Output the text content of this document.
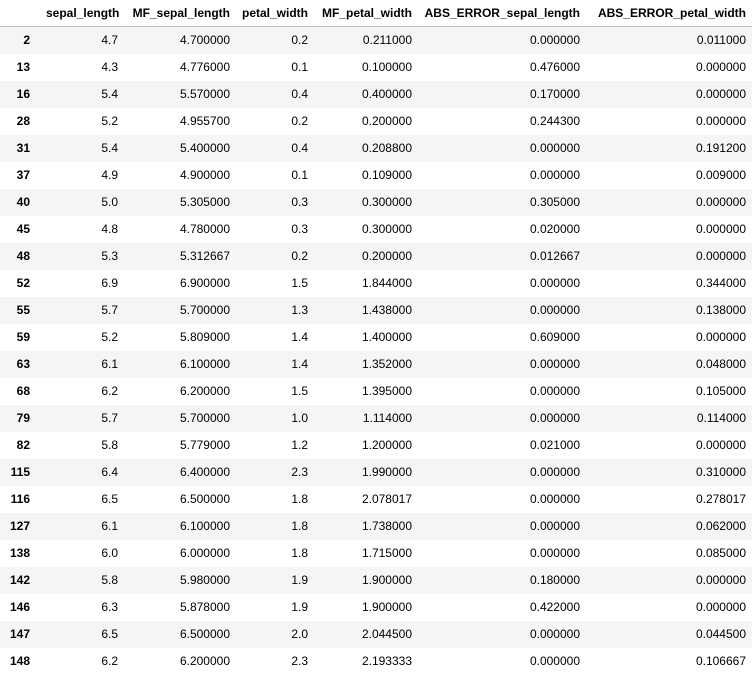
	sepal_length	MF_sepal_length	petal_width	MF_petal_width	ABS_ERROR_sepal_length	ABS_ERROR_petal_width
2	4.7	4.700000	0.2	0.211000	0.000000	0.011000
13	4.3	4.776000	0.1	0.100000	0.476000	0.000000
16	5.4	5.570000	0.4	0.400000	0.170000	0.000000
28	5.2	4.955700	0.2	0.200000	0.244300	0.000000
31	5.4	5.400000	0.4	0.208800	0.000000	0.191200
37	4.9	4.900000	0.1	0.109000	0.000000	0.009000
40	5.0	5.305000	0.3	0.300000	0.305000	0.000000
45	4.8	4.780000	0.3	0.300000	0.020000	0.000000
48	5.3	5.312667	0.2	0.200000	0.012667	0.000000
52	6.9	6.900000	1.5	1.844000	0.000000	0.344000
55	5.7	5.700000	1.3	1.438000	0.000000	0.138000
59	5.2	5.809000	1.4	1.400000	0.609000	0.000000
63	6.1	6.100000	1.4	1.352000	0.000000	0.048000
68	6.2	6.200000	1.5	1.395000	0.000000	0.105000
79	5.7	5.700000	1.0	1.114000	0.000000	0.114000
82	5.8	5.779000	1.2	1.200000	0.021000	0.000000
115	6.4	6.400000	2.3	1.990000	0.000000	0.310000
116	6.5	6.500000	1.8	2.078017	0.000000	0.278017
127	6.1	6.100000	1.8	1.738000	0.000000	0.062000
138	6.0	6.000000	1.8	1.715000	0.000000	0.085000
142	5.8	5.980000	1.9	1.900000	0.180000	0.000000
146	6.3	5.878000	1.9	1.900000	0.422000	0.000000
147	6.5	6.500000	2.0	2.044500	0.000000	0.044500
148	6.2	6.200000	2.3	2.193333	0.000000	0.106667
